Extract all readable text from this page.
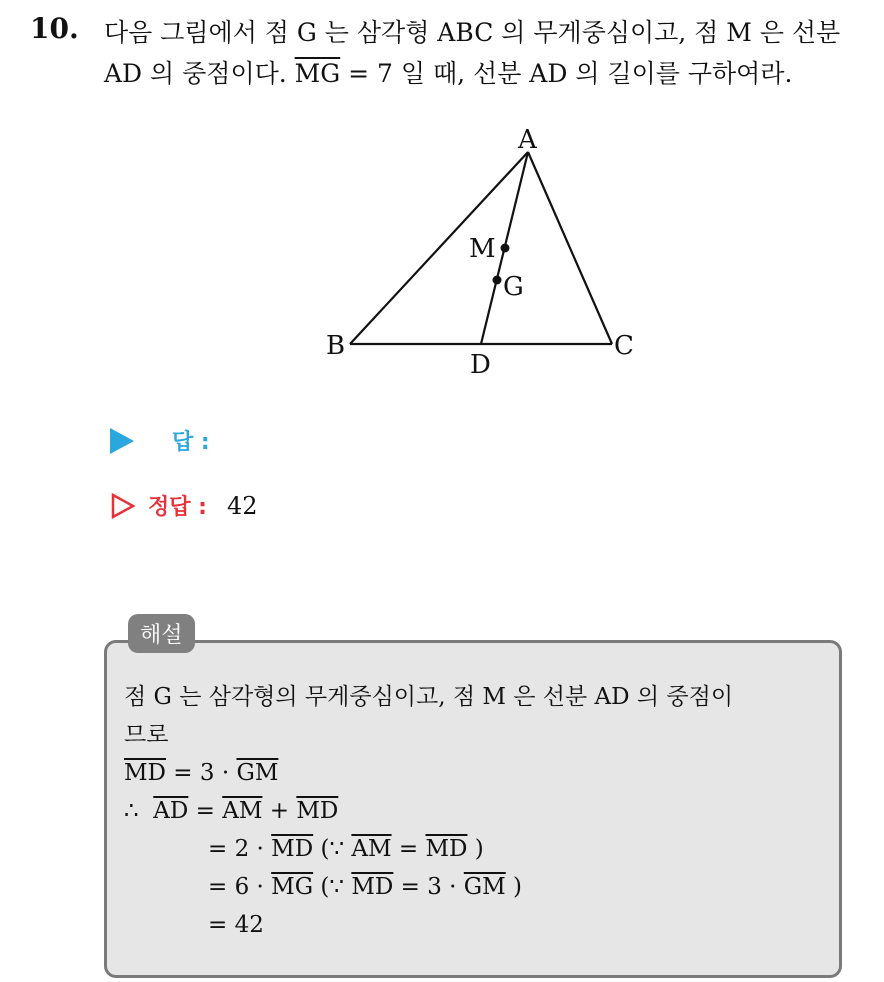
10. 다음 그림에서 점 G 는 삼각형 ABC 의 무게중심이고, 점 M 은 선분
AD 의 중점이다. $\overline{MG} = 7$ 일 때, 선분 AD 의 길이를 구하여라.
A
B	C
D
M
G
답 :
정답 : 42
해설
점 G 는 삼각형의 무게중심이고, 점 M 은 선분 AD 의 중점이
므로
$\overline{MD} = 3 \cdot \overline{GM}$
∴  $\overline{AD} = \overline{AM} + \overline{MD}$
= $2 \cdot \overline{MD}$ (∵ $\overline{AM} = \overline{MD}$ )
= $6 \cdot \overline{MG}$ (∵ $\overline{MD} = 3 \cdot \overline{GM}$ )
= 42
